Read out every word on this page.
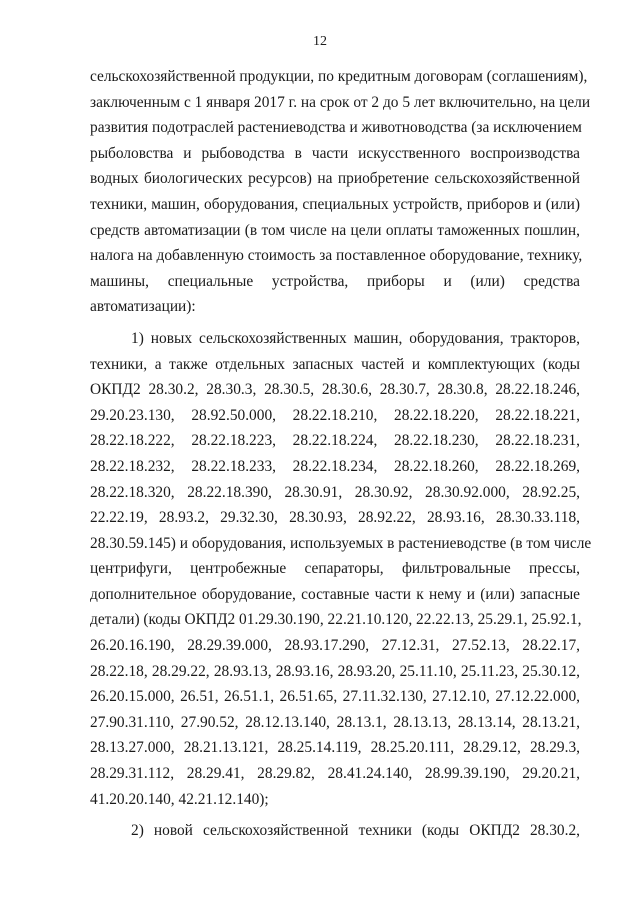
12
сельскохозяйственной продукции, по кредитным договорам (соглашениям),
заключенным с 1 января 2017 г. на срок от 2 до 5 лет включительно, на цели
развития подотраслей растениеводства и животноводства (за исключением
рыболовства и рыбоводства в части искусственного воспроизводства
водных биологических ресурсов) на приобретение сельскохозяйственной
техники, машин, оборудования, специальных устройств, приборов и (или)
средств автоматизации (в том числе на цели оплаты таможенных пошлин,
налога на добавленную стоимость за поставленное оборудование, технику,
машины, специальные устройства, приборы и (или) средства
автоматизации):
1) новых сельскохозяйственных машин, оборудования, тракторов,
техники, а также отдельных запасных частей и комплектующих (коды
ОКПД2 28.30.2, 28.30.3, 28.30.5, 28.30.6, 28.30.7, 28.30.8, 28.22.18.246,
29.20.23.130, 28.92.50.000, 28.22.18.210, 28.22.18.220, 28.22.18.221,
28.22.18.222, 28.22.18.223, 28.22.18.224, 28.22.18.230, 28.22.18.231,
28.22.18.232, 28.22.18.233, 28.22.18.234, 28.22.18.260, 28.22.18.269,
28.22.18.320, 28.22.18.390, 28.30.91, 28.30.92, 28.30.92.000, 28.92.25,
22.22.19, 28.93.2, 29.32.30, 28.30.93, 28.92.22, 28.93.16, 28.30.33.118,
28.30.59.145) и оборудования, используемых в растениеводстве (в том числе
центрифуги, центробежные сепараторы, фильтровальные прессы,
дополнительное оборудование, составные части к нему и (или) запасные
детали) (коды ОКПД2 01.29.30.190, 22.21.10.120, 22.22.13, 25.29.1, 25.92.1,
26.20.16.190, 28.29.39.000, 28.93.17.290, 27.12.31, 27.52.13, 28.22.17,
28.22.18, 28.29.22, 28.93.13, 28.93.16, 28.93.20, 25.11.10, 25.11.23, 25.30.12,
26.20.15.000, 26.51, 26.51.1, 26.51.65, 27.11.32.130, 27.12.10, 27.12.22.000,
27.90.31.110, 27.90.52, 28.12.13.140, 28.13.1, 28.13.13, 28.13.14, 28.13.21,
28.13.27.000, 28.21.13.121, 28.25.14.119, 28.25.20.111, 28.29.12, 28.29.3,
28.29.31.112, 28.29.41, 28.29.82, 28.41.24.140, 28.99.39.190, 29.20.21,
41.20.20.140, 42.21.12.140);
2) новой сельскохозяйственной техники (коды ОКПД2 28.30.2,
